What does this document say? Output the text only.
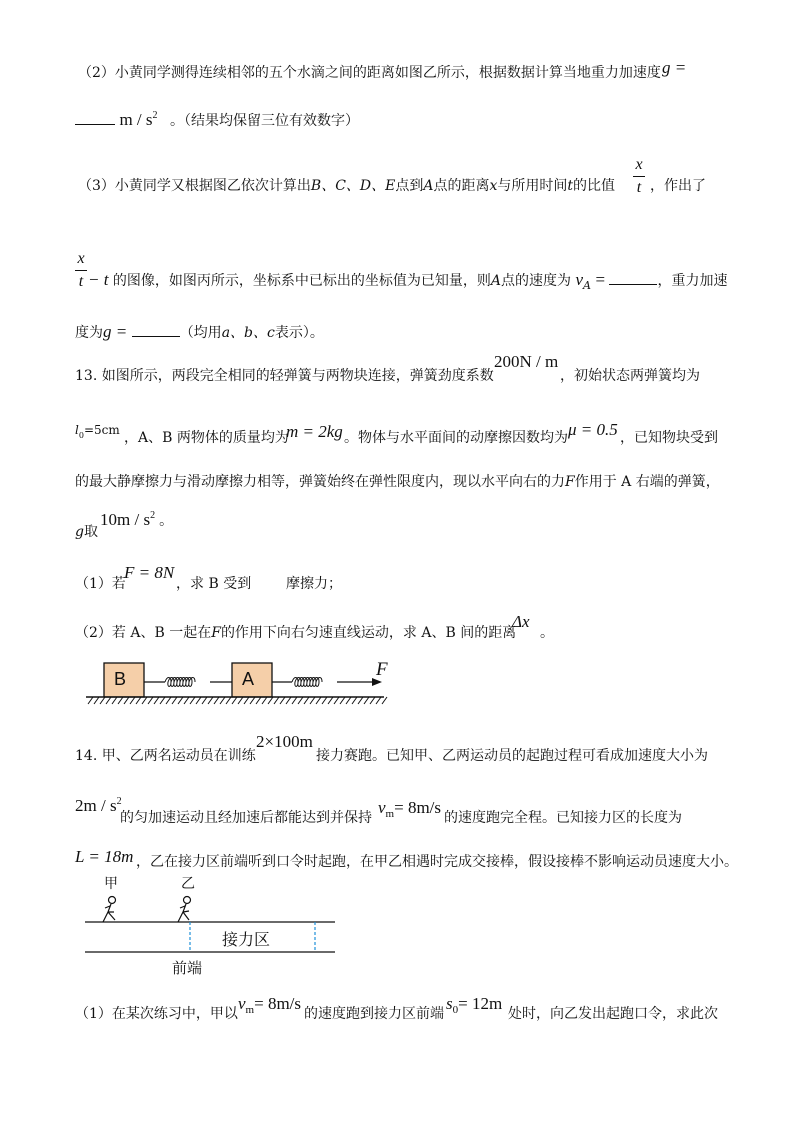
（2）小黄同学测得连续相邻的五个水滴之间的距离如图乙所示，根据数据计算当地重力加速度 g =
m / $s^2$ 。（结果均保留三位有效数字）
（3）小黄同学又根据图乙依次计算出B、C、D、E点到A点的距离x与所用时间t的比值
x
t ，作出了
x
t − t 的图像，如图丙所示，坐标系中已标出的坐标值为已知量，则A点的速度为 $v_A$ =	，重力加速
度为g =	（均用a、b、c表示）。
13. 如图所示，两段完全相同的轻弹簧与两物块连接，弹簧劲度系数
200N / m
，初始状态两弹簧均为
$l_0=5cm$ ，A、B 两物体的质量均为
m = 2kg 。物体与水平面间的动摩擦因数均为 μ = 0.5 ，已知物块受到
的最大静摩擦力与滑动摩擦力相等，弹簧始终在弹性限度内，现以水平向右的力F作用于 A 右端的弹簧，
g取
$10m / s^2$ 。
（1）若
F = 8N
，求 B 受到 摩擦力；
（2）若 A、B 一起在F的作用下向右匀速直线运动，求 A、B 间的距离
Δx
。
B	A	F
14. 甲、乙两名运动员在训练
2×100m
接力赛跑。已知甲、乙两运动员的起跑过程可看成加速度大小为
$2m / s^2$
的匀加速运动且经加速后都能达到并保持
$v_m= 8m/s$
的速度跑完全程。已知接力区的长度为
L = 18m ，乙在接力区前端听到口令时起跑，在甲乙相遇时完成交接棒，假设接棒不影响运动员速度大小。
甲	乙
接力区
前端
（1）在某次练习中，甲以
$v_m= 8m/s$
的速度跑到接力区前端
$s_0= 12m$
处时，向乙发出起跑口令，求此次
